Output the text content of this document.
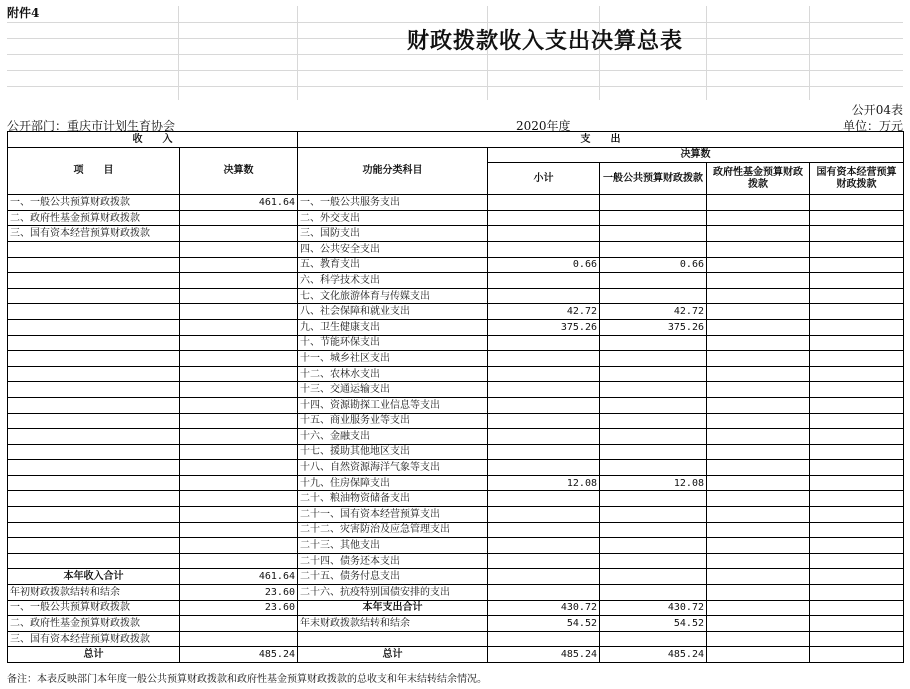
附件4
财政拨款收入支出决算总表
公开04表
公开部门：重庆市计划生育协会	2020年度	单位：万元
收　　入		支　　出				
项　　目	决算数	功能分类科目	决算数			
			小计	一般公共预算财政拨款	政府性基金预算财政拨款	国有资本经营预算财政拨款

一、一般公共预算财政拨款	461.64	一、一般公共服务支出				
二、政府性基金预算财政拨款		二、外交支出				
三、国有资本经营预算财政拨款		三、国防支出				
		四、公共安全支出				
		五、教育支出	0.66	0.66		
		六、科学技术支出				
		七、文化旅游体育与传媒支出				
		八、社会保障和就业支出	42.72	42.72		
		九、卫生健康支出	375.26	375.26		
		十、节能环保支出				
		十一、城乡社区支出				
		十二、农林水支出				
		十三、交通运输支出				
		十四、资源勘探工业信息等支出				
		十五、商业服务业等支出				
		十六、金融支出				
		十七、援助其他地区支出				
		十八、自然资源海洋气象等支出				
		十九、住房保障支出	12.08	12.08		
		二十、粮油物资储备支出				
		二十一、国有资本经营预算支出				
		二十二、灾害防治及应急管理支出				
		二十三、其他支出				
		二十四、债务还本支出				
本年收入合计	461.64	二十五、债务付息支出				
年初财政拨款结转和结余	23.60	二十六、抗疫特别国债安排的支出				
一、一般公共预算财政拨款	23.60	本年支出合计	430.72	430.72		
二、政府性基金预算财政拨款		年末财政拨款结转和结余	54.52	54.52		
三、国有资本经营预算财政拨款						
总计	485.24	总计	485.24	485.24		
备注：本表反映部门本年度一般公共预算财政拨款和政府性基金预算财政拨款的总收支和年末结转结余情况。
